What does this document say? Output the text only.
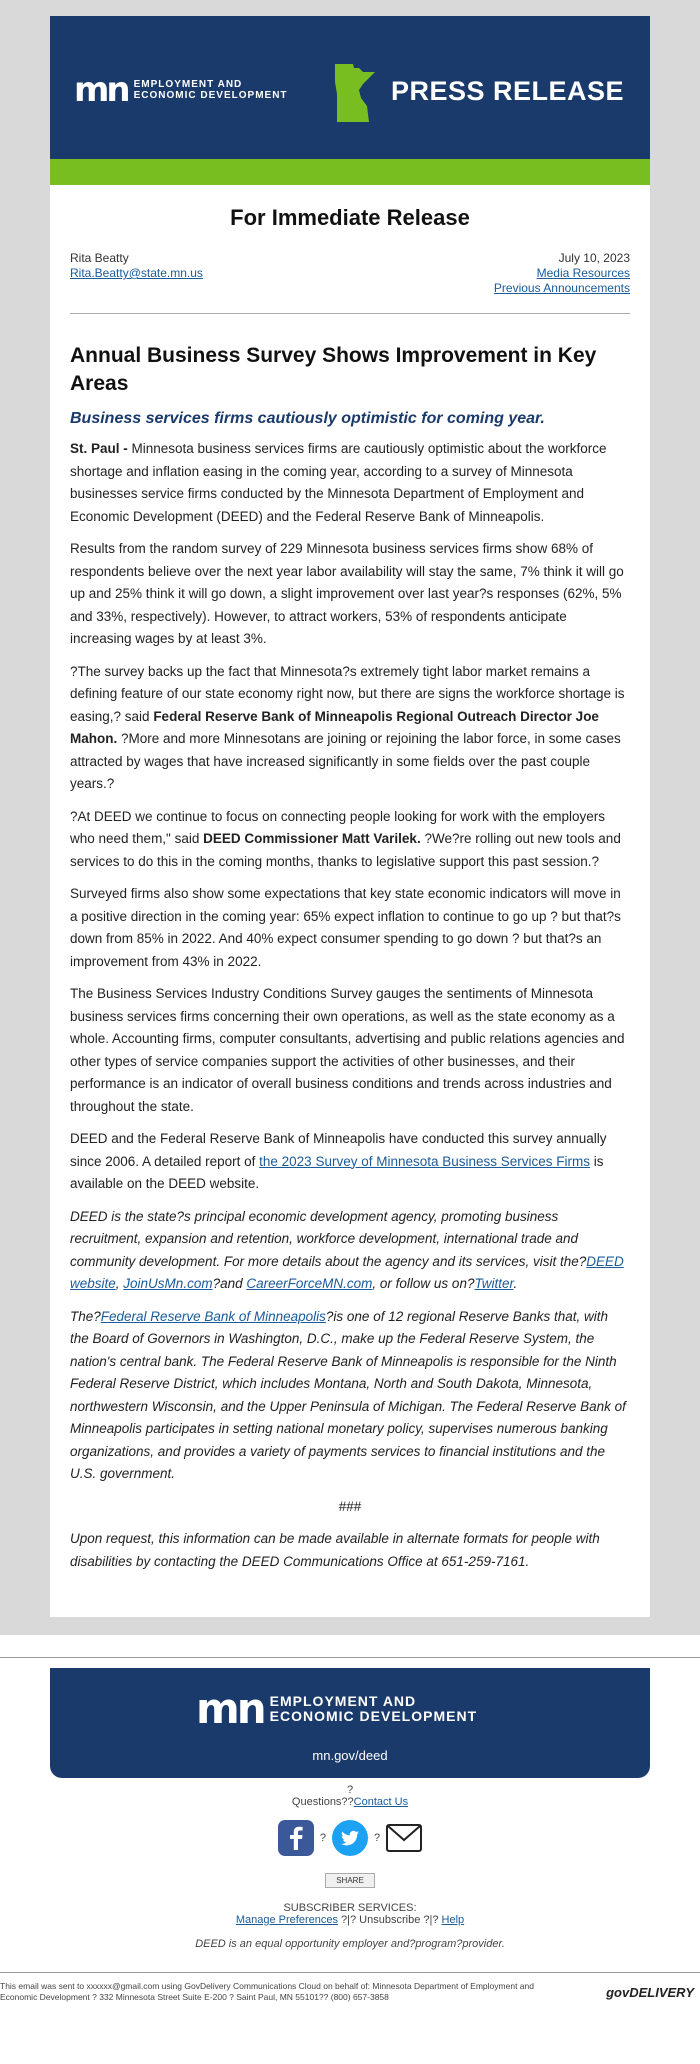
mn EMPLOYMENT AND
ECONOMIC DEVELOPMENT	PRESS RELEASE
For Immediate Release
Rita Beatty
Rita.Beatty@state.mn.us
July 10, 2023
Media Resources
Previous Announcements
Annual Business Survey Shows Improvement in Key Areas
Business services firms cautiously optimistic for coming year.

St. Paul - Minnesota business services firms are cautiously optimistic about the workforce shortage and inflation easing in the coming year, according to a survey of Minnesota businesses service firms conducted by the Minnesota Department of Employment and Economic Development (DEED) and the Federal Reserve Bank of Minneapolis.

Results from the random survey of 229 Minnesota business services firms show 68% of respondents believe over the next year labor availability will stay the same, 7% think it will go up and 25% think it will go down, a slight improvement over last year?s responses (62%, 5% and 33%, respectively). However, to attract workers, 53% of respondents anticipate increasing wages by at least 3%.

?The survey backs up the fact that Minnesota?s extremely tight labor market remains a defining feature of our state economy right now, but there are signs the workforce shortage is easing,? said Federal Reserve Bank of Minneapolis Regional Outreach Director Joe Mahon. ?More and more Minnesotans are joining or rejoining the labor force, in some cases attracted by wages that have increased significantly in some fields over the past couple years.?

?At DEED we continue to focus on connecting people looking for work with the employers who need them," said DEED Commissioner Matt Varilek. ?We?re rolling out new tools and services to do this in the coming months, thanks to legislative support this past session.?

Surveyed firms also show some expectations that key state economic indicators will move in a positive direction in the coming year: 65% expect inflation to continue to go up ? but that?s down from 85% in 2022. And 40% expect consumer spending to go down ? but that?s an improvement from 43% in 2022.

The Business Services Industry Conditions Survey gauges the sentiments of Minnesota business services firms concerning their own operations, as well as the state economy as a whole. Accounting firms, computer consultants, advertising and public relations agencies and other types of service companies support the activities of other businesses, and their performance is an indicator of overall business conditions and trends across industries and throughout the state.

DEED and the Federal Reserve Bank of Minneapolis have conducted this survey annually since 2006. A detailed report of the 2023 Survey of Minnesota Business Services Firms is available on the DEED website.

DEED is the state?s principal economic development agency, promoting business recruitment, expansion and retention, workforce development, international trade and community development. For more details about the agency and its services, visit the?DEED website, JoinUsMn.com?and CareerForceMN.com, or follow us on?Twitter.

The?Federal Reserve Bank of Minneapolis?is one of 12 regional Reserve Banks that, with the Board of Governors in Washington, D.C., make up the Federal Reserve System, the nation's central bank. The Federal Reserve Bank of Minneapolis is responsible for the Ninth Federal Reserve District, which includes Montana, North and South Dakota, Minnesota, northwestern Wisconsin, and the Upper Peninsula of Michigan. The Federal Reserve Bank of Minneapolis participates in setting national monetary policy, supervises numerous banking organizations, and provides a variety of payments services to financial institutions and the U.S. government.

###

Upon request, this information can be made available in alternate formats for people with disabilities by contacting the DEED Communications Office at 651-259-7161.

mn EMPLOYMENT AND
ECONOMIC DEVELOPMENT
mn.gov/deed
?
Questions??Contact Us
?	?
SHARE
SUBSCRIBER SERVICES:
Manage Preferences ?|? Unsubscribe ?|? Help
DEED is an equal opportunity employer and?program?provider.
This email was sent to xxxxxx@gmail.com using GovDelivery Communications Cloud on behalf of: Minnesota Department of Employment and Economic Development ? 332 Minnesota Street Suite E-200 ? Saint Paul, MN 55101?? (800) 657-3858	govDELIVERY
